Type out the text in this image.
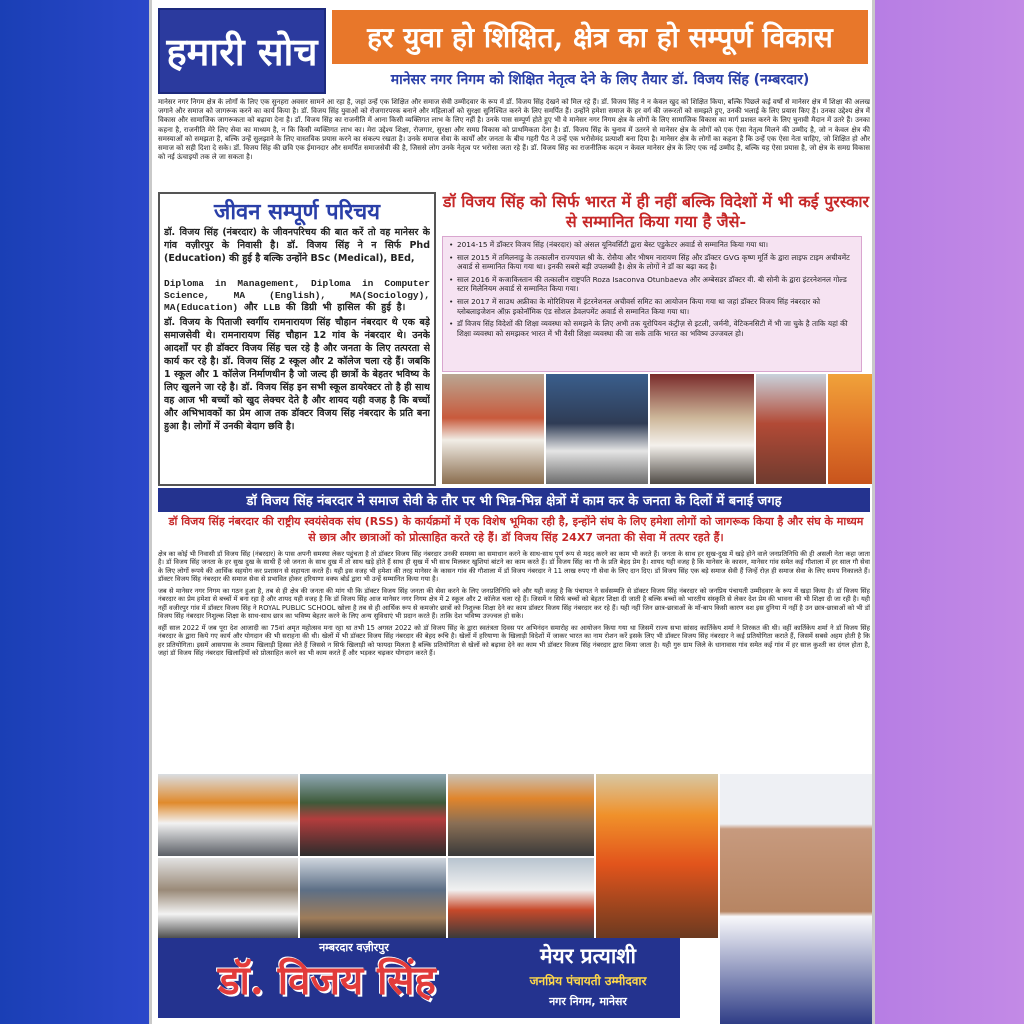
हमारी सोच	हर युवा हो शिक्षित, क्षेत्र का हो सम्पूर्ण विकास
मानेसर नगर निगम को शिक्षित नेतृत्व देने के लिए तैयार डॉ. विजय सिंह (नम्बरदार)
मानेसर नगर निगम क्षेत्र के लोगों के लिए एक सुनहरा अवसर सामने आ रहा है, जहां उन्हें एक शिक्षित और समाज सेवी उम्मीदवार के रूप में डॉ. विजय सिंह देखने को मिल रहे हैं। डॉ. विजय सिंह ने न केवल खुद को शिक्षित किया, बल्कि पिछले कई वर्षों से मानेसर क्षेत्र में शिक्षा की अलख जगाने और समाज को जागरूक करने का कार्य किया है। डॉ. विजय सिंह युवाओं को रोजगारपरक बनाने और महिलाओं को सुरक्षा सुनिश्चित करने के लिए समर्पित हैं। उन्होंने हमेशा समाज के हर वर्ग की जरूरतों को समझते हुए, उनकी भलाई के लिए प्रयास किए हैं। उनका उद्देश्य क्षेत्र में विकास और सामाजिक जागरूकता को बढ़ावा देना है। डॉ. विजय सिंह का राजनीति में आना किसी व्यक्तिगत लाभ के लिए नहीं है। उनके पास सम्पूर्ण होते हुए भी वे मानेसर नगर निगम क्षेत्र के लोगों के लिए सामाजिक विकास का मार्ग प्रशस्त करने के लिए चुनावी मैदान में उतरे हैं। उनका कहना है, राजनीति मेरे लिए सेवा का माध्यम है, न कि किसी व्यक्तिगत लाभ का। मेरा उद्देश्य शिक्षा, रोजगार, सुरक्षा और समग्र विकास को प्राथमिकता देना है। डॉ. विजय सिंह के चुनाव में उतरने से मानेसर क्षेत्र के लोगों को एक ऐसा नेतृत्व मिलने की उम्मीद है, जो न केवल क्षेत्र की समस्याओं को समझता है, बल्कि उन्हें सुलझाने के लिए वास्तविक प्रयास करने का संकल्प रखता है। उनके समाज सेवा के कार्यों और जनता के बीच गहरी पैठ ने उन्हें एक भरोसेमंद प्रत्याशी बना दिया है। मानेसर क्षेत्र के लोगों का कहना है कि उन्हें एक ऐसा नेता चाहिए, जो शिक्षित हो और समाज को सही दिशा दे सके। डॉ. विजय सिंह की छवि एक ईमानदार और समर्पित समाजसेवी की है, जिससे लोग उनके नेतृत्व पर भरोसा जता रहे हैं। डॉ. विजय सिंह का राजनीतिक कदम न केवल मानेसर क्षेत्र के लिए एक नई उम्मीद है, बल्कि यह ऐसा प्रयास है, जो क्षेत्र के समग्र विकास को नई ऊंचाइयों तक ले जा सकता है।
जीवन सम्पूर्ण परिचय
डॉ. विजय सिंह (नंबरदार) के जीवनपरिचय की बात करें तो वह मानेसर के गांव वज़ीरपुर के निवासी है। डॉ. विजय सिंह ने न सिर्फ Phd (Education) की हुई है बल्कि उन्होंने BSc (Medical), BEd,
Diploma in Management, Diploma in Computer Science, MA (English), MA(Sociology), MA(Education) और LLB की डिग्री भी हासिल की हुई है।
डॉ. विजय के पिताजी स्वर्गीय रामनारायण सिंह चौहान नंबरदार थे एक बड़े समाजसेवी थे। रामनारायण सिंह चौहान 12 गांव के नंबरदार थे। उनके आदर्शों पर ही डॉक्टर विजय सिंह चल रहे है और जनता के लिए तत्परता से कार्य कर रहे है। डॉ. विजय सिंह 2 स्कूल और 2 कॉलेज चला रहे हैं। जबकि 1 स्कूल और 1 कॉलेज निर्माणधीन है जो जल्द ही छात्रों के बेहतर भविष्य के लिए खुलने जा रहे है। डॉ. विजय सिंह इन सभी स्कूल डायरेक्टर तो है ही साथ वह आज भी बच्चों को खुद लेक्चर देते है और शायद यही वजह है कि बच्चों और अभिभावकों का प्रेम आज तक डॉक्टर विजय सिंह नंबरदार के प्रति बना हुआ है। लोगों में उनकी बेदाग छवि है।
डॉ विजय सिंह को सिर्फ भारत में ही नहीं बल्कि विदेशों में भी कई पुरस्कार से सम्मानित किया गया है जैसे-
• 2014-15 में डॉक्टर विजय सिंह (नंबरदार) को अंसल यूनिवर्सिटी द्वारा बेस्ट एडुकेटर अवार्ड से सम्मानित किया गया था।
• साल 2015 में तमिलनाडु के तत्कालीन राज्यपाल श्री के. रोसैया और भीषम नारायण सिंह और डॉक्टर GVG कृष्ण मूर्ति के द्वारा लाइफ टाइम अचीवमेंट अवार्ड से सम्मानित किया गया था। इनकी सबसे बड़ी उपलब्धी है। क्षेत्र के लोगों ने डॉ का बढ़ा कद है।
• साल 2016 में कजाकिस्तान की तत्कालीन राष्ट्रपति Roza Isaconva Otunbaeva और अम्बेसडर डॉक्टर वी. बी सोनी के द्वारा इंटरनेशनल गोल्ड स्टार मिलेनियम अवार्ड से सम्मानित किया गया।
• साल 2017 में साउथ अफ्रीका के मोरिशियस में इंटरनेशनल अचीवर्स समिट का आयोजन किया गया था जहां डॉक्टर विजय सिंह नंबरदार को ग्लोबलाइजेशन ऑफ़ इकोनॉमिक एंड सोशल डेवलपमेंट अवार्ड से सम्मानित किया गया था।
• डॉ विजय सिंह विदेशों की शिक्षा व्यवस्था को समझने के लिए अभी तक यूरोपियन कंट्रीज़ से इटली, जर्मनी, वेटिकनसिटी में भी जा चुके है ताकि यहां की शिक्षा व्यवस्था को समझकर भारत में भी वैसी शिक्षा व्यवस्था की जा सके ताकि भारत का भविष्य उज्जवल हो।
डॉ विजय सिंह नंबरदार ने समाज सेवी के तौर पर भी भिन्न-भिन्न क्षेत्रों में काम कर के जनता के दिलों में बनाई जगह
डॉ विजय सिंह नंबरदार की राष्ट्रीय स्वयंसेवक संघ (RSS) के कार्यक्रमों में एक विशेष भूमिका रही है, इन्होंने संघ के लिए हमेशा लोगों को जागरूक किया है और संघ के माध्यम से छात्र और छात्राओं को प्रोत्साहित करते रहे हैं। डॉ विजय सिंह 24X7 जनता की सेवा में तत्पर रहते हैं।

क्षेत्र का कोई भी निवासी डॉ विजय सिंह (नंबरदार) के पास अपनी समस्या लेकर पहुंचता है तो डॉक्टर विजय सिंह नंबरदार उनकी समस्या का समाधान करने के साथ-साथ पूर्ण रूप से मदद करने का काम भी करते हैं। जनता के साथ हर सुख-दुख में खड़े होने वाले जनप्रतिनिधि की ही असली नेता कहा जाता है। डॉ विजय सिंह जनता के हर सुख दुख के साथी हैं जो जनता के साथ दुख में तो साथ खड़े होते हैं साथ ही सुख में भी साथ मिलकर खुशियां बांटने का काम करते हैं। डॉ विजय सिंह का गौ के प्रति बेहद प्रेम है। शायद यही वजह है कि मानेसर के कासन, मानेसर गांव समेत कई गौशाला में हर साल गौ सेवा के लिए लोगों रूपये की आर्थिक सहयोग कर प्रशासन से सहायता करते हैं। यही इस वजह भी हमेशा की तरह मानेसर के कासन गांव की गौशाला में डॉ विजय नंबरदार ने 11 लाख रुपए गौ सेवा के लिए दान दिए। डॉ विजय सिंह एक बड़े समाज सेवी हैं जिन्हें रोज़ ही समाज सेवा के लिए समय निकालते हैं। डॉक्टर विजय सिंह नंबरदार की समाज सेवा से प्रभावित होकर हरियाणा वक्फ बोर्ड द्वारा भी उन्हें सम्मानित किया गया है।

जब से मानेसर नगर निगम का गठन हुआ है, तब से ही क्षेत्र की जनता की मांग थी कि डॉक्टर विजय सिंह जनता की सेवा करने के लिए जनप्रतिनिधि बने और यही वजह है कि पंचायत ने सर्वसम्मति से डॉक्टर विजय सिंह नंबरदार को जनप्रिय पंचायती उम्मीदवार के रूप में खड़ा किया है। डॉ विजय सिंह नंबरदार का प्रेम हमेशा से बच्चों में बना रहा है और शायद यही वजह है कि डॉ विजय सिंह आज मानेसर नगर निगम क्षेत्र में 2 स्कूल और 2 कॉलेज चला रहे हैं। जिसमें न सिर्फ बच्चों को बेहतर शिक्षा दी जाती है बल्कि बच्चों को भारतीय संस्कृति से लेकर देश प्रेम की भावना की भी शिक्षा दी जा रही है। यही नहीं वजीरपुर गांव में डॉक्टर विजय सिंह ने ROYAL PUBLIC SCHOOL खोला है तब से ही आर्थिक रूप से कमजोर छात्रों को निशुल्क शिक्षा देने का काम डॉक्टर विजय सिंह नंबरदार कर रहे हैं। यही नहीं जिन छात्र-छात्राओं के माँ-बाप किसी कारण वश इस दुनिया में नहीं है उन छात्र-छात्राओं को भी डॉ विजय सिंह नंबरदार निशुल्क शिक्षा के साथ-साथ छात्र का भविष्य बेहतर करने के लिए अन्य सुविधाएं भी प्रदान करते हैं। ताकि देश भविष्य उज्ज्वल हो सके।

वहीं साल 2022 में जब पूरा देश आजादी का 75वां अमृत महोत्सव मना रहा था तभी 15 अगस्त 2022 को डॉ विजय सिंह के द्वारा स्वतंत्रता दिवस पर अभिनंदन समारोह का आयोजन किया गया था जिसमें राज्य सभा सांसद कार्तिकेय शर्मा ने शिरकत की थी। वहीं कार्तिकेय शर्मा ने डॉ विजय सिंह नंबरदार के द्वारा किये गए कार्य और योगदान की भी सराहना की थी। खेलों में भी डॉक्टर विजय सिंह नंबरदार की बेहद रूचि है। खेलों में हरियाणा के खिलाड़ी विदेशों में जाकर भारत का नाम रोशन करें इसके लिए भी डॉक्टर विजय सिंह नंबरदार ने कई प्रतियोगिता कराते हैं, जिसमें सबसे अहम होती है कि हर प्रतियोगिता। इसमें आसपास के तमाम खिलाड़ी हिस्सा लेते हैं जिससे न सिर्फ खिलाड़ी को फायदा मिलता है बल्कि प्रतियोगिता से खेलों को बढ़ावा देने का काम भी डॉक्टर विजय सिंह नंबरदार द्वारा किया जाता है। यही गुरु ग्राम जिले के धानावास गांव समेत कई गांव में हर साल कुश्ती का दंगल होता है, जहां डॉ विजय सिंह नंबरदार खिलाड़ियों को प्रोत्साहित करने का भी काम करते हैं और भड़कर चढ़कर योगदान करते हैं।

नम्बरदार वज़ीरपुर
डॉ. विजय सिंह
मेयर प्रत्याशी
जनप्रिय पंचायती उम्मीदवार
नगर निगम, मानेसर
